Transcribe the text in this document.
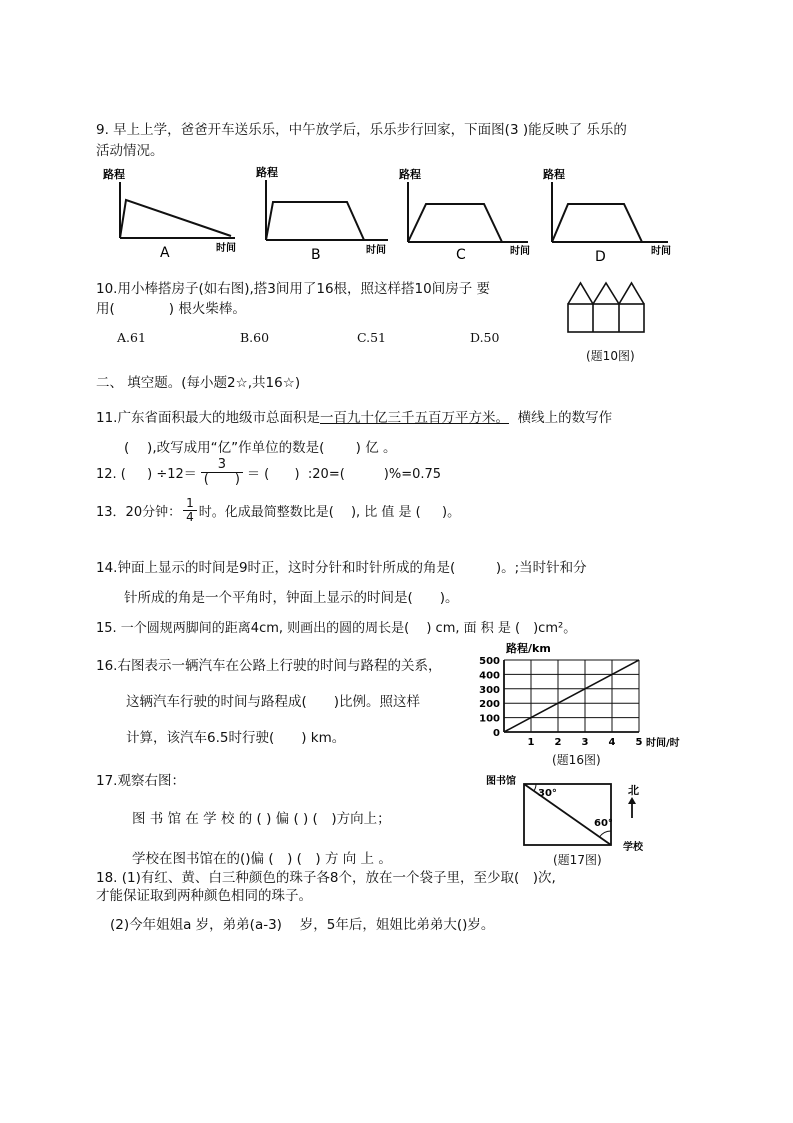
9. 早上上学，爸爸开车送乐乐，中午放学后，乐乐步行回家，下面图(3 )能反映了 乐乐的
活动情况。
路程
时间
A
路程
时间
B
路程
时间
C
路程
时间
D
10.用小棒搭房子(如右图),搭3间用了16根，照这样搭10间房子 要
用(　　　　) 根火柴棒。
A.61	B.60	C.51	D.50
(题10图)
二、 填空题。(每小题2☆,共16☆)
11.广东省面积最大的地级市总面积是一百九十亿三千五百万平方米。  横线上的数写作
(　 ),改写成用“亿”作单位的数是(　　 ) 亿 。
12. (　  ) $\div 12= \frac{3}{( )}$ ＝ (　   )  :20=(　　　)%=0.75
13．20分钟： $\frac{1}{4}$ 时。化成最简整数比是(　 ), 比 值 是 (　  )。
14.钟面上显示的时间是9时正，这时分针和时针所成的角是(　　　)。;当时针和分
针所成的角是一个平角时，钟面上显示的时间是(　　)。
15. 一个圆规两脚间的距离4cm, 则画出的圆的周长是( 　) cm, 面 积 是 (　)cm²。
16.右图表示一辆汽车在公路上行驶的时间与路程的关系，
这辆汽车行驶的时间与路程成(　　)比例。照这样
计算，该汽车6.5时行驶(　　) km。
路程/km
时间/时
0
100
200
300
400
500
1 2 3 4 5
(题16图)
17.观察右图：
图 书 馆 在 学 校 的 ( ) 偏 ( ) (　)方向上；
学校在图书馆在的()偏 (　) (　) 方 向 上 。
图书馆
30°
60°
北
学校
(题17图)
18. (1)有红、黄、白三种颜色的珠子各8个，放在一个袋子里，至少取(　)次,
才能保证取到两种颜色相同的珠子。
(2)今年姐姐a 岁，弟弟(a-3)　 岁，5年后，姐姐比弟弟大()岁。
